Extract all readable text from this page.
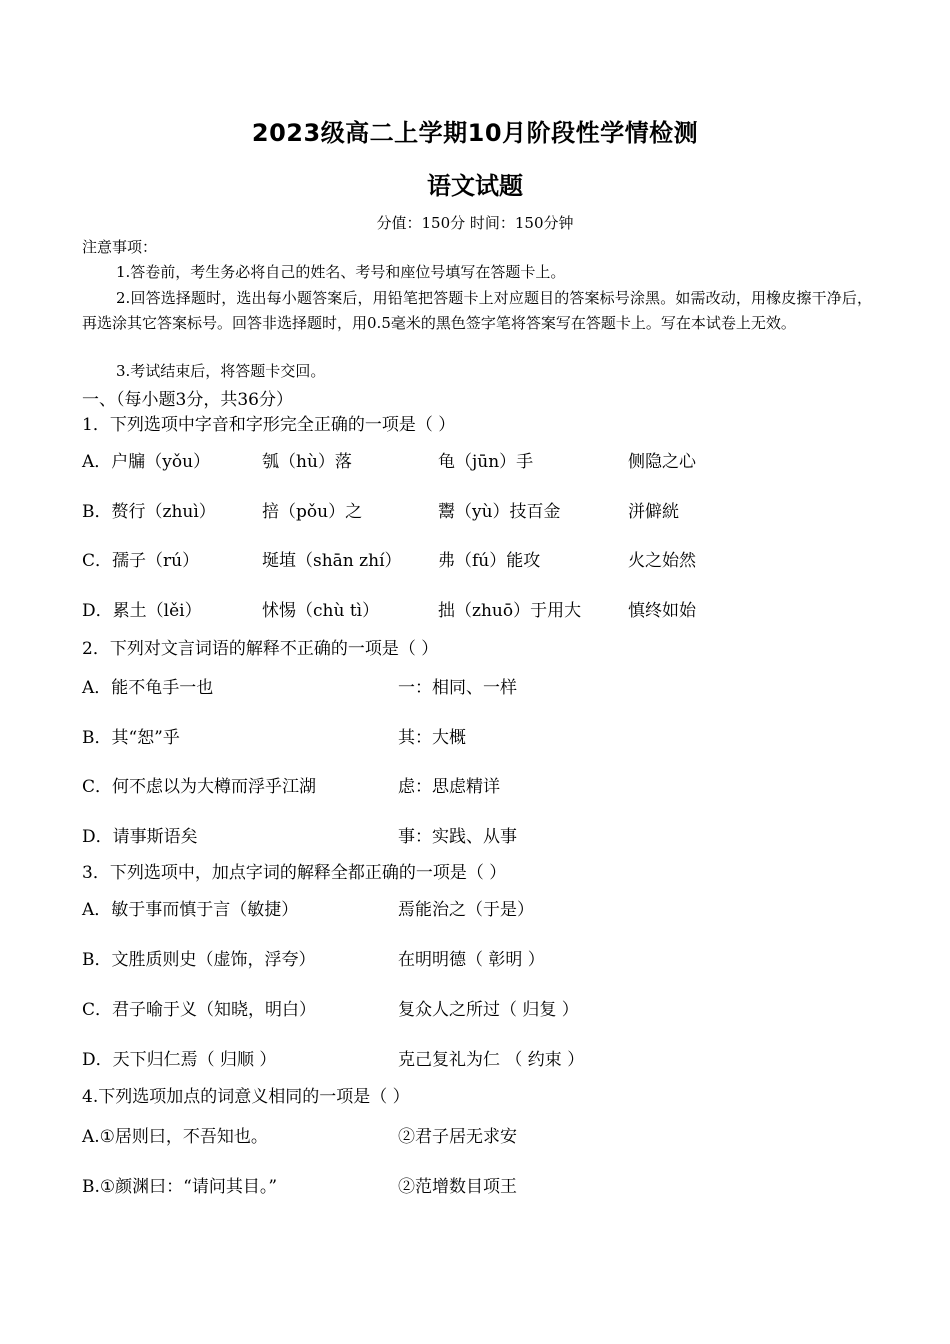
2023级高二上学期10月阶段性学情检测
语文试题
分值：150分 时间：150分钟
注意事项：
1.答卷前，考生务必将自己的姓名、考号和座位号填写在答题卡上。
2.回答选择题时，选出每小题答案后，用铅笔把答题卡上对应题目的答案标号涂黑。如需改动，用橡皮擦干净后，再选涂其它答案标号。回答非选择题时，用0.5毫米的黑色签字笔将答案写在答题卡上。写在本试卷上无效。
3.考试结束后，将答题卡交回。
一、（每小题3分，共36分）
1．下列选项中字音和字形完全正确的一项是（ ）
A．户牖（yǒu）	瓠（hù）落	龟（jūn）手	侧隐之心
B．赘行（zhuì）	掊（pǒu）之	鬻（yù）技百金	洴僻絖
C．孺子（rú）	埏埴（shān zhí） 弗（fú）能攻	火之始然
D．累土（lěi）	怵惕（chù tì）	拙（zhuō）于用大	慎终如始
2．下列对文言词语的解释不正确的一项是（ ）
A．能不龟手一也	一：相同、一样
B．其“恕”乎	其：大概
C．何不虑以为大樽而浮乎江湖	虑：思虑精详
D．请事斯语矣	事：实践、从事
3．下列选项中，加点字词的解释全都正确的一项是（ ）
A．敏于事而慎于言（敏捷）	焉能治之（于是）
B．文胜质则史（虚饰，浮夸）	在明明德（ 彰明 ）
C．君子喻于义（知晓，明白）	复众人之所过（ 归复 ）
D．天下归仁焉（ 归顺 ）	克己复礼为仁 （ 约束 ）
4.下列选项加点的词意义相同的一项是（ ）
A.①居则曰，不吾知也。	②君子居无求安
B.①颜渊曰：“请问其目。”	②范增数目项王
